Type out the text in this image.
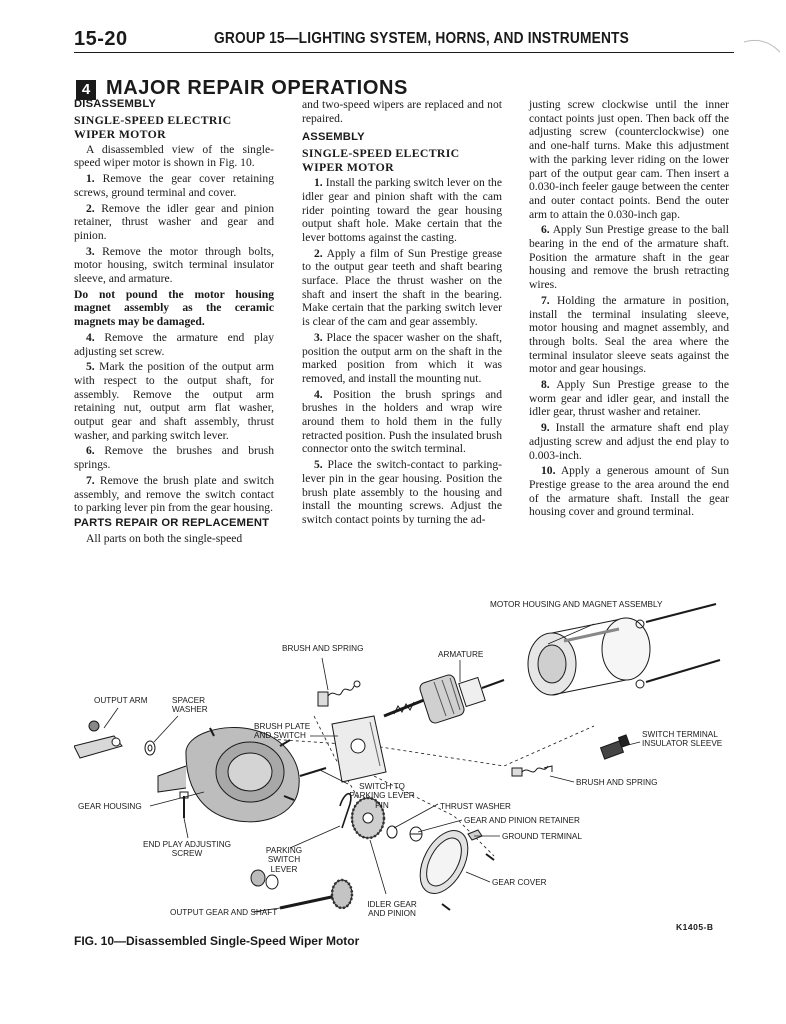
15-20	GROUP 15—LIGHTING SYSTEM, HORNS, AND INSTRUMENTS
4 MAJOR REPAIR OPERATIONS
DISASSEMBLY
SINGLE-SPEED ELECTRIC WIPER MOTOR

A disassembled view of the single-speed wiper motor is shown in Fig. 10.

1. Remove the gear cover retaining screws, ground terminal and cover.

2. Remove the idler gear and pinion retainer, thrust washer and gear and pinion.

3. Remove the motor through bolts, motor housing, switch terminal insulator sleeve, and armature.

Do not pound the motor housing magnet assembly as the ceramic magnets may be damaged.

4. Remove the armature end play adjusting set screw.

5. Mark the position of the output arm with respect to the output shaft, for assembly. Remove the output arm retaining nut, output arm flat washer, output gear and shaft assembly, thrust washer, and parking switch lever.

6. Remove the brushes and brush springs.

7. Remove the brush plate and switch assembly, and remove the switch contact to parking lever pin from the gear housing.

PARTS REPAIR OR REPLACEMENT

All parts on both the single-speed

and two-speed wipers are replaced and not repaired.

ASSEMBLY
SINGLE-SPEED ELECTRIC WIPER MOTOR

1. Install the parking switch lever on the idler gear and pinion shaft with the cam rider pointing toward the gear housing output shaft hole. Make certain that the lever bottoms against the casting.

2. Apply a film of Sun Prestige grease to the output gear teeth and shaft bearing surface. Place the thrust washer on the shaft and insert the shaft in the bearing. Make certain that the parking switch lever is clear of the cam and gear assembly.

3. Place the spacer washer on the shaft, position the output arm on the shaft in the marked position from which it was removed, and install the mounting nut.

4. Position the brush springs and brushes in the holders and wrap wire around them to hold them in the fully retracted position. Push the insulated brush connector onto the switch terminal.

5. Place the switch-contact to parking-lever pin in the gear housing. Position the brush plate assembly to the housing and install the mounting screws. Adjust the switch contact points by turning the ad-

justing screw clockwise until the inner contact points just open. Then back off the adjusting screw (counterclockwise) one and one-half turns. Make this adjustment with the parking lever riding on the lower part of the output gear cam. Then insert a 0.030-inch feeler gauge between the center and outer contact points. Bend the outer arm to attain the 0.030-inch gap.

6. Apply Sun Prestige grease to the ball bearing in the end of the armature shaft. Position the armature shaft in the gear housing and remove the brush retracting wires.

7. Holding the armature in position, install the terminal insulating sleeve, motor housing and magnet assembly, and through bolts. Seal the area where the terminal insulator sleeve seats against the motor and gear housings.

8. Apply Sun Prestige grease to the worm gear and idler gear, and install the idler gear, thrust washer and retainer.

9. Install the armature shaft end play adjusting screw and adjust the end play to 0.003-inch.

10. Apply a generous amount of Sun Prestige grease to the area around the end of the armature shaft. Install the gear housing cover and ground terminal.

MOTOR HOUSING AND MAGNET ASSEMBLY
BRUSH AND SPRING
ARMATURE
OUTPUT ARM	SPACER WASHER
BRUSH PLATE AND SWITCH	SWITCH TERMINAL INSULATOR SLEEVE
SWITCH TO PARKING LEVER PIN
BRUSH AND SPRING
GEAR HOUSING	THRUST WASHER
GEAR AND PINION RETAINER
GROUND TERMINAL
END PLAY ADJUSTING SCREW	PARKING SWITCH LEVER
GEAR COVER
OUTPUT GEAR AND SHAFT
IDLER GEAR AND PINION
K1405-B
FIG. 10—Disassembled Single-Speed Wiper Motor
